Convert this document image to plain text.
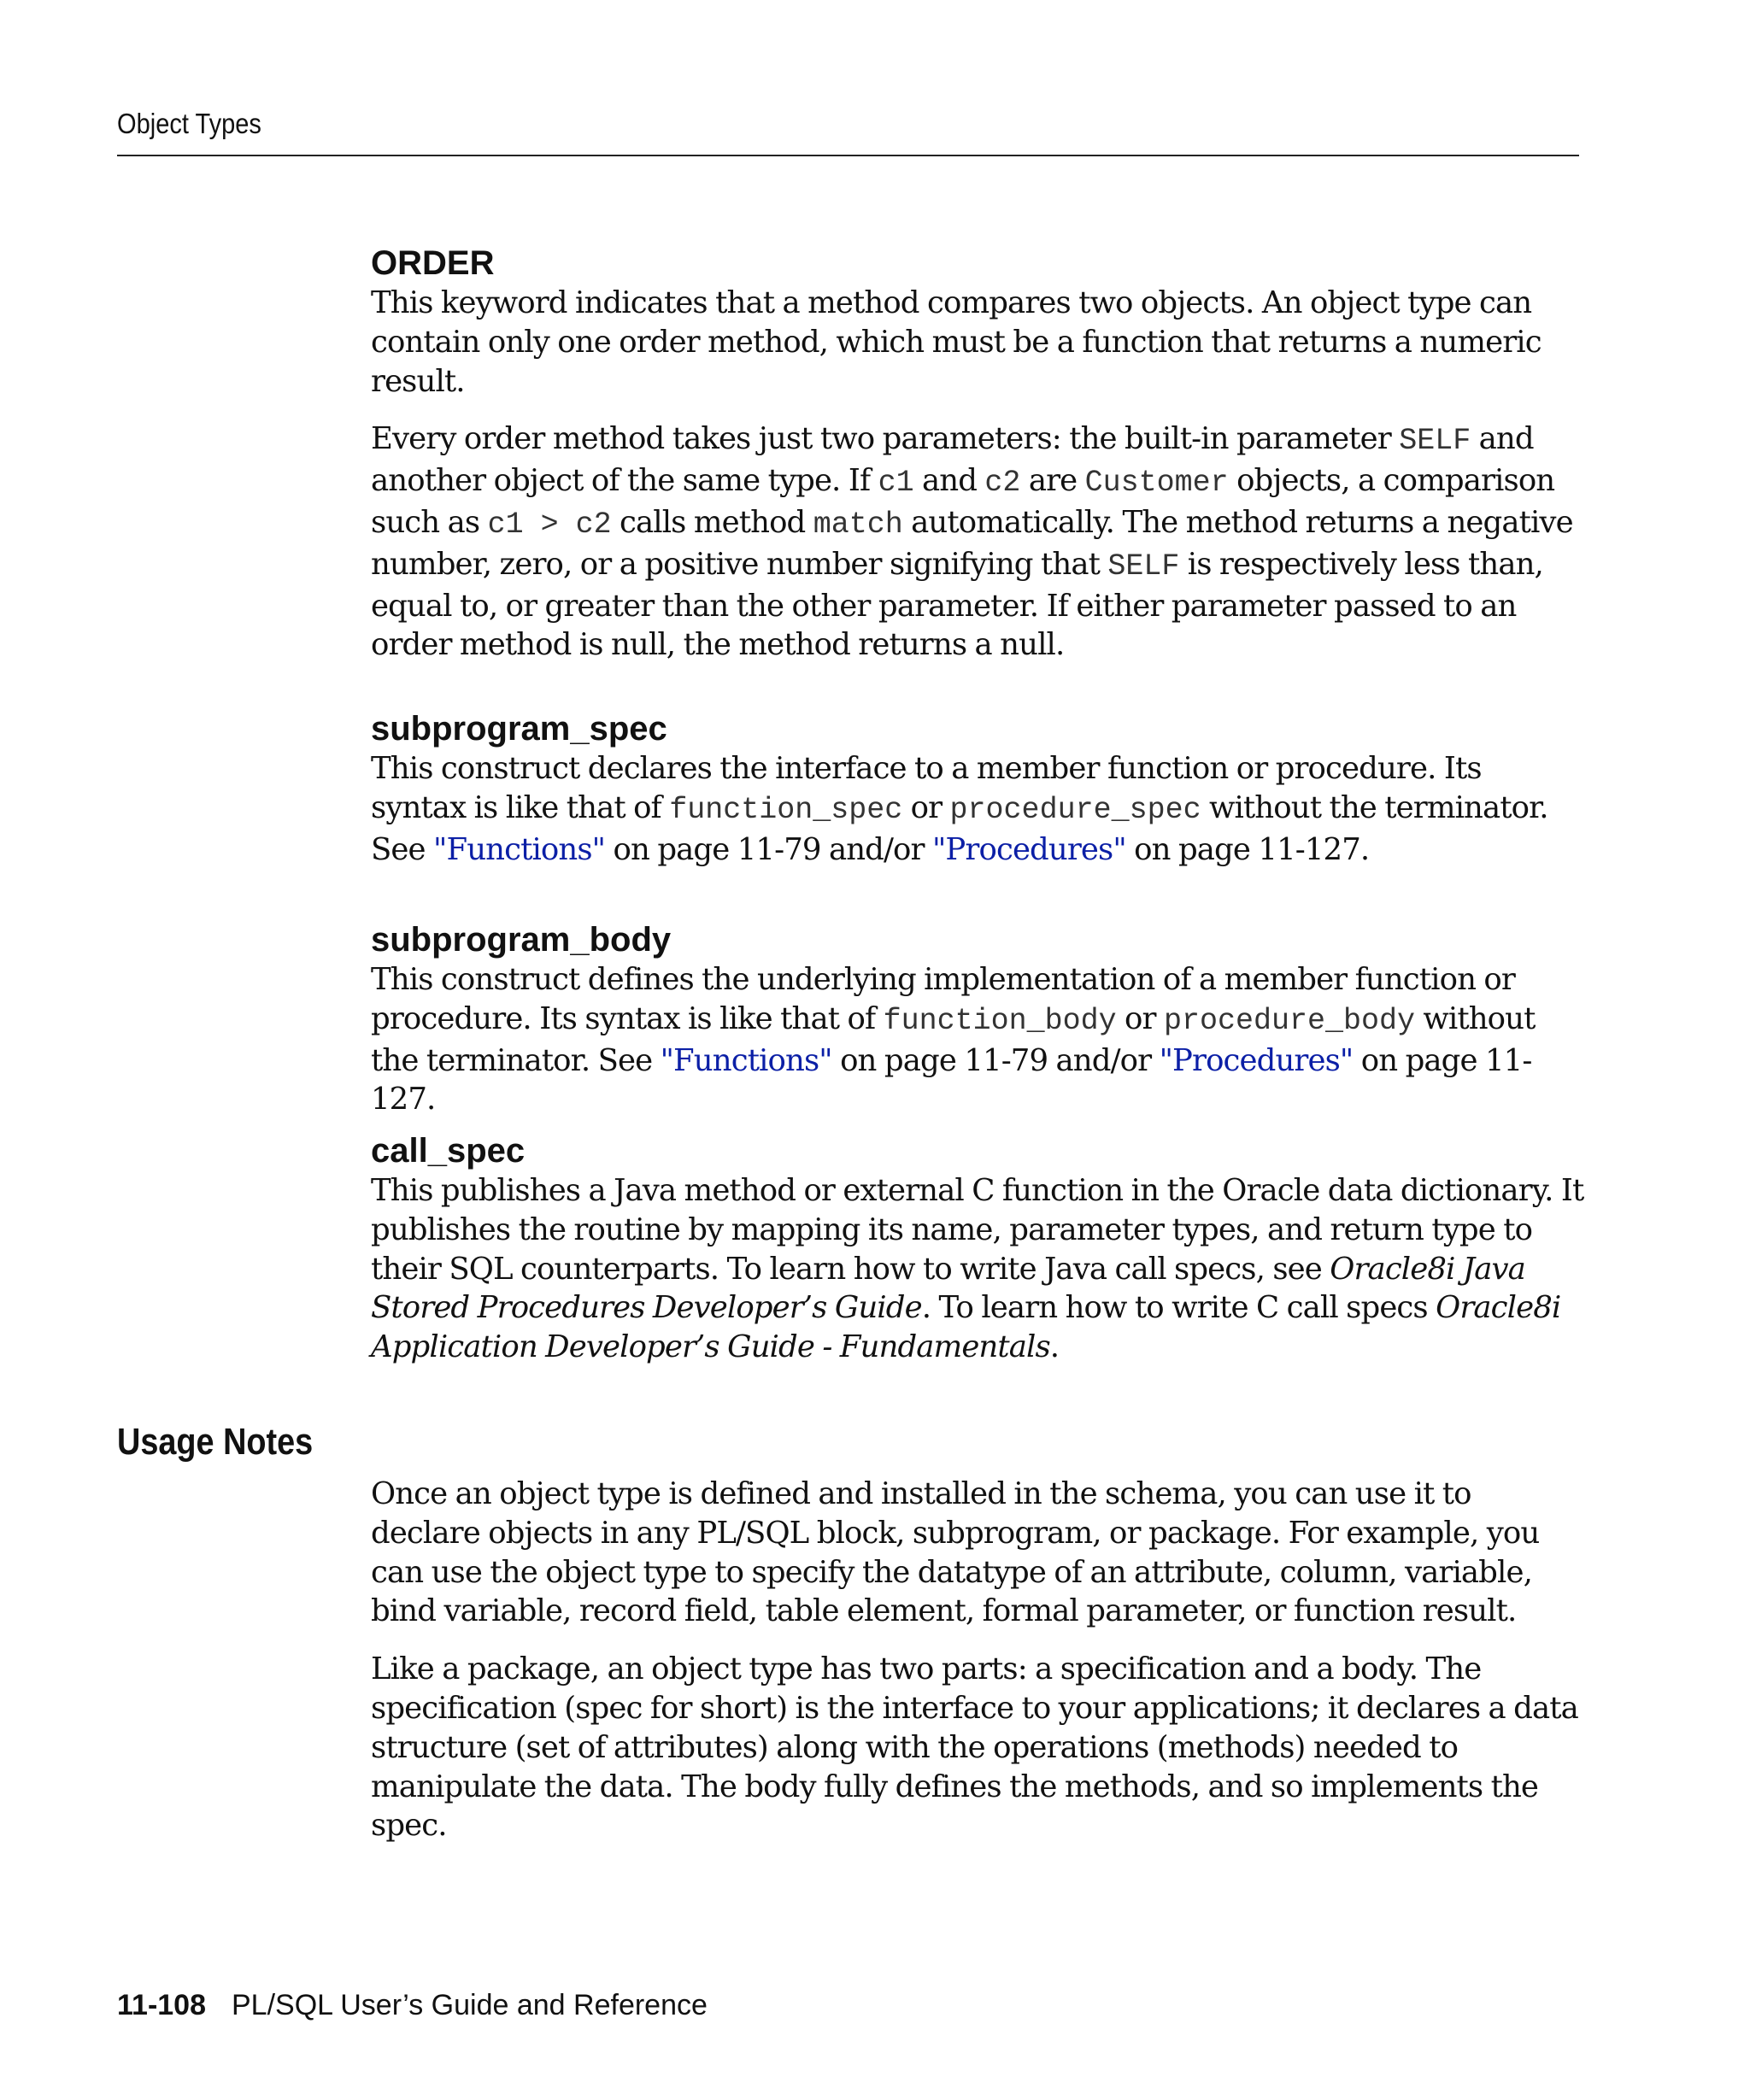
Object Types
ORDER

This keyword indicates that a method compares two objects. An object type can contain only one order method, which must be a function that returns a numeric result.

Every order method takes just two parameters: the built-in parameter SELF and another object of the same type. If c1 and c2 are Customer objects, a comparison such as c1 > c2 calls method match automatically. The method returns a negative number, zero, or a positive number signifying that SELF is respectively less than, equal to, or greater than the other parameter. If either parameter passed to an order method is null, the method returns a null.

subprogram_spec

This construct declares the interface to a member function or procedure. Its syntax is like that of function_spec or procedure_spec without the terminator. See "Functions" on page 11-79 and/or "Procedures" on page 11-127.

subprogram_body

This construct defines the underlying implementation of a member function or procedure. Its syntax is like that of function_body or procedure_body without the terminator. See "Functions" on page 11-79 and/or "Procedures" on page 11-127.

call_spec

This publishes a Java method or external C function in the Oracle data dictionary. It publishes the routine by mapping its name, parameter types, and return type to their SQL counterparts. To learn how to write Java call specs, see Oracle8i Java Stored Procedures Developer’s Guide. To learn how to write C call specs Oracle8i Application Developer’s Guide - Fundamentals.

Usage Notes

Once an object type is defined and installed in the schema, you can use it to declare objects in any PL/SQL block, subprogram, or package. For example, you can use the object type to specify the datatype of an attribute, column, variable, bind variable, record field, table element, formal parameter, or function result.

Like a package, an object type has two parts: a specification and a body. The specification (spec for short) is the interface to your applications; it declares a data structure (set of attributes) along with the operations (methods) needed to manipulate the data. The body fully defines the methods, and so implements the spec.

11-108 PL/SQL User’s Guide and Reference
